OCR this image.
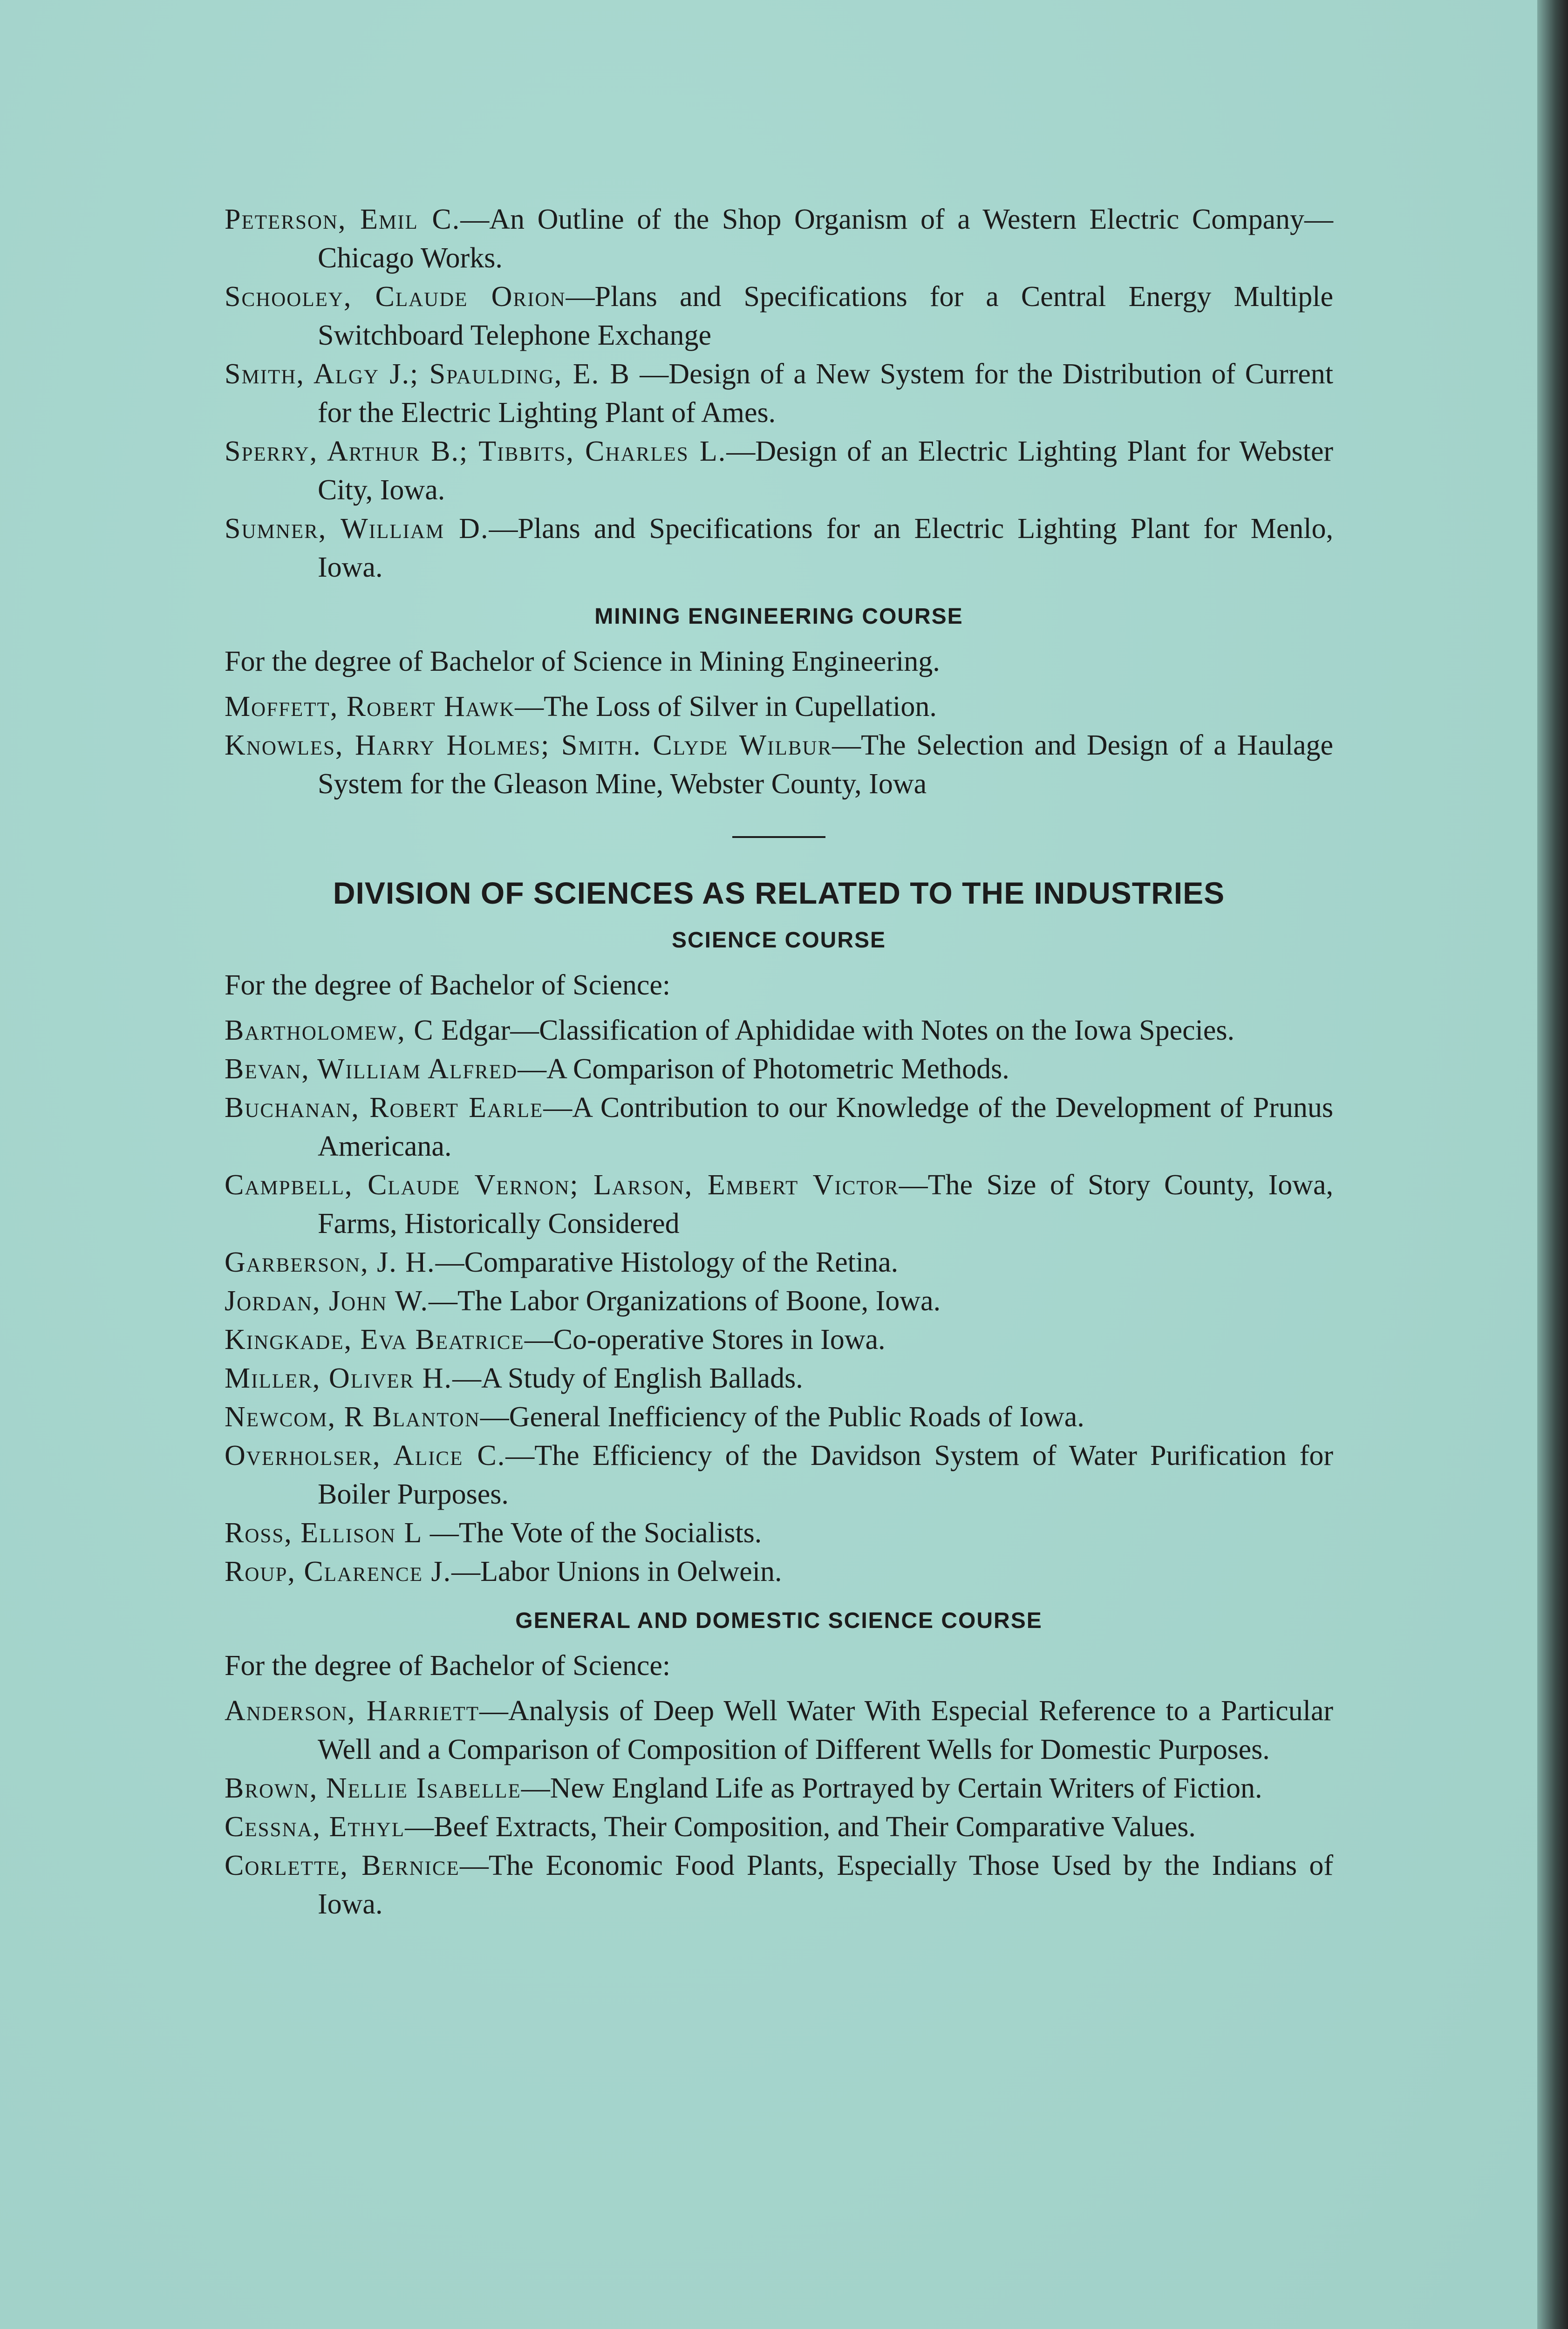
Peterson, Emil C.—An Outline of the Shop Organism of a Western Electric Company—Chicago Works.

Schooley, Claude Orion—Plans and Specifications for a Central Energy Multiple Switchboard Telephone Exchange

Smith, Algy J.; Spaulding, E. B —Design of a New System for the Distribution of Current for the Electric Lighting Plant of Ames.

Sperry, Arthur B.; Tibbits, Charles L.—Design of an Electric Lighting Plant for Webster City, Iowa.

Sumner, William D.—Plans and Specifications for an Electric Lighting Plant for Menlo, Iowa.

MINING ENGINEERING COURSE

For the degree of Bachelor of Science in Mining Engineering.

Moffett, Robert Hawk—The Loss of Silver in Cupellation.

Knowles, Harry Holmes; Smith. Clyde Wilbur—The Selection and Design of a Haulage System for the Gleason Mine, Webster County, Iowa

DIVISION OF SCIENCES AS RELATED TO THE INDUSTRIES
SCIENCE COURSE

For the degree of Bachelor of Science:

Bartholomew, C Edgar—Classification of Aphididae with Notes on the Iowa Species.

Bevan, William Alfred—A Comparison of Photometric Methods.

Buchanan, Robert Earle—A Contribution to our Knowledge of the Development of Prunus Americana.

Campbell, Claude Vernon; Larson, Embert Victor—The Size of Story County, Iowa, Farms, Historically Considered

Garberson, J. H.—Comparative Histology of the Retina.

Jordan, John W.—The Labor Organizations of Boone, Iowa.

Kingkade, Eva Beatrice—Co-operative Stores in Iowa.

Miller, Oliver H.—A Study of English Ballads.

Newcom, R Blanton—General Inefficiency of the Public Roads of Iowa.

Overholser, Alice C.—The Efficiency of the Davidson System of Water Purification for Boiler Purposes.

Ross, Ellison L —The Vote of the Socialists.

Roup, Clarence J.—Labor Unions in Oelwein.

GENERAL AND DOMESTIC SCIENCE COURSE

For the degree of Bachelor of Science:

Anderson, Harriett—Analysis of Deep Well Water With Especial Reference to a Particular Well and a Comparison of Composition of Different Wells for Domestic Purposes.

Brown, Nellie Isabelle—New England Life as Portrayed by Certain Writers of Fiction.

Cessna, Ethyl—Beef Extracts, Their Composition, and Their Comparative Values.

Corlette, Bernice—The Economic Food Plants, Especially Those Used by the Indians of Iowa.
